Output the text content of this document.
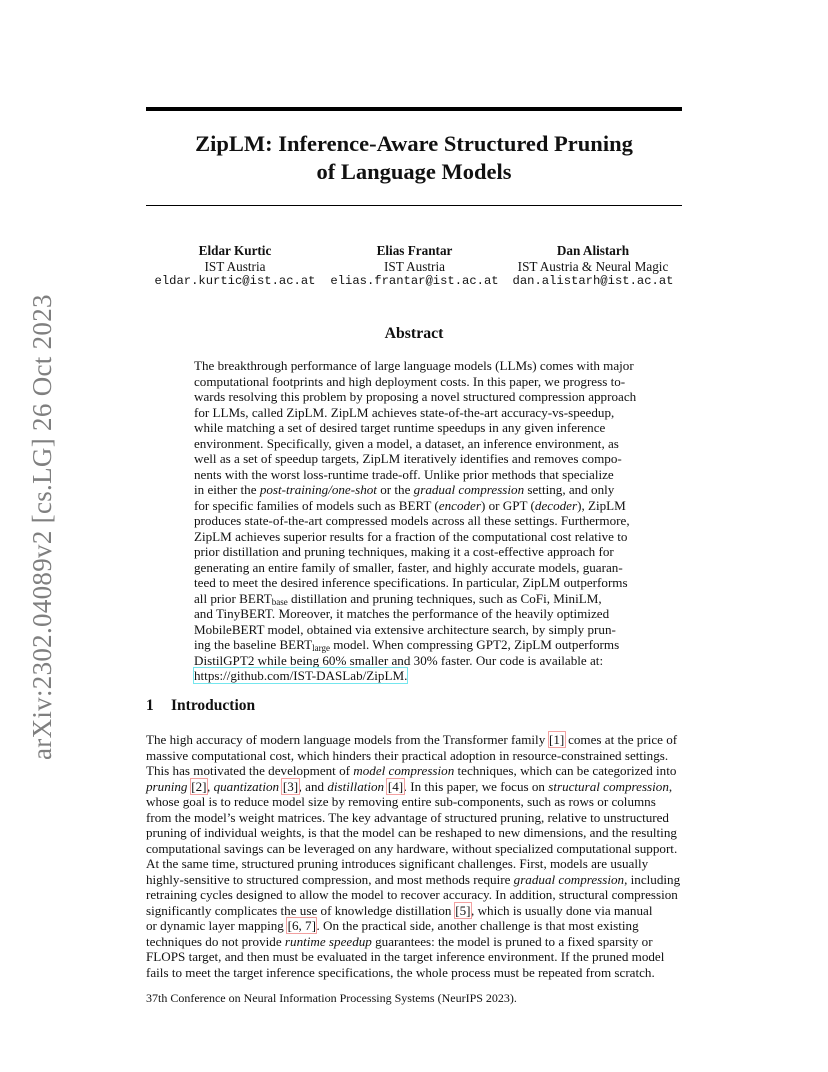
arXiv:2302.04089v2 [cs.LG] 26 Oct 2023
ZipLM: Inference-Aware Structured Pruning
of Language Models
Eldar Kurtic
IST Austria
eldar.kurtic@ist.ac.at
Elias Frantar
IST Austria
elias.frantar@ist.ac.at
Dan Alistarh
IST Austria & Neural Magic
dan.alistarh@ist.ac.at
Abstract
The breakthrough performance of large language models (LLMs) comes with major
computational footprints and high deployment costs. In this paper, we progress to-
wards resolving this problem by proposing a novel structured compression approach
for LLMs, called ZipLM. ZipLM achieves state-of-the-art accuracy-vs-speedup,
while matching a set of desired target runtime speedups in any given inference
environment. Specifically, given a model, a dataset, an inference environment, as
well as a set of speedup targets, ZipLM iteratively identifies and removes compo-
nents with the worst loss-runtime trade-off. Unlike prior methods that specialize
in either the post-training/one-shot or the gradual compression setting, and only
for specific families of models such as BERT (encoder) or GPT (decoder), ZipLM
produces state-of-the-art compressed models across all these settings. Furthermore,
ZipLM achieves superior results for a fraction of the computational cost relative to
prior distillation and pruning techniques, making it a cost-effective approach for
generating an entire family of smaller, faster, and highly accurate models, guaran-
teed to meet the desired inference specifications. In particular, ZipLM outperforms
all prior $BERT_{base}$ distillation and pruning techniques, such as CoFi, MiniLM,
and TinyBERT. Moreover, it matches the performance of the heavily optimized
MobileBERT model, obtained via extensive architecture search, by simply prun-
ing the baseline $BERT_{large}$ model. When compressing GPT2, ZipLM outperforms
DistilGPT2 while being 60% smaller and 30% faster. Our code is available at:
https://github.com/IST-DASLab/ZipLM.
1 Introduction
The high accuracy of modern language models from the Transformer family [1] comes at the price of
massive computational cost, which hinders their practical adoption in resource-constrained settings.
This has motivated the development of model compression techniques, which can be categorized into
pruning [2], quantization [3], and distillation [4]. In this paper, we focus on structural compression,
whose goal is to reduce model size by removing entire sub-components, such as rows or columns
from the model’s weight matrices. The key advantage of structured pruning, relative to unstructured
pruning of individual weights, is that the model can be reshaped to new dimensions, and the resulting
computational savings can be leveraged on any hardware, without specialized computational support.
At the same time, structured pruning introduces significant challenges. First, models are usually
highly-sensitive to structured compression, and most methods require gradual compression, including
retraining cycles designed to allow the model to recover accuracy. In addition, structural compression
significantly complicates the use of knowledge distillation [5], which is usually done via manual
or dynamic layer mapping [6, 7]. On the practical side, another challenge is that most existing
techniques do not provide runtime speedup guarantees: the model is pruned to a fixed sparsity or
FLOPS target, and then must be evaluated in the target inference environment. If the pruned model
fails to meet the target inference specifications, the whole process must be repeated from scratch.
37th Conference on Neural Information Processing Systems (NeurIPS 2023).
